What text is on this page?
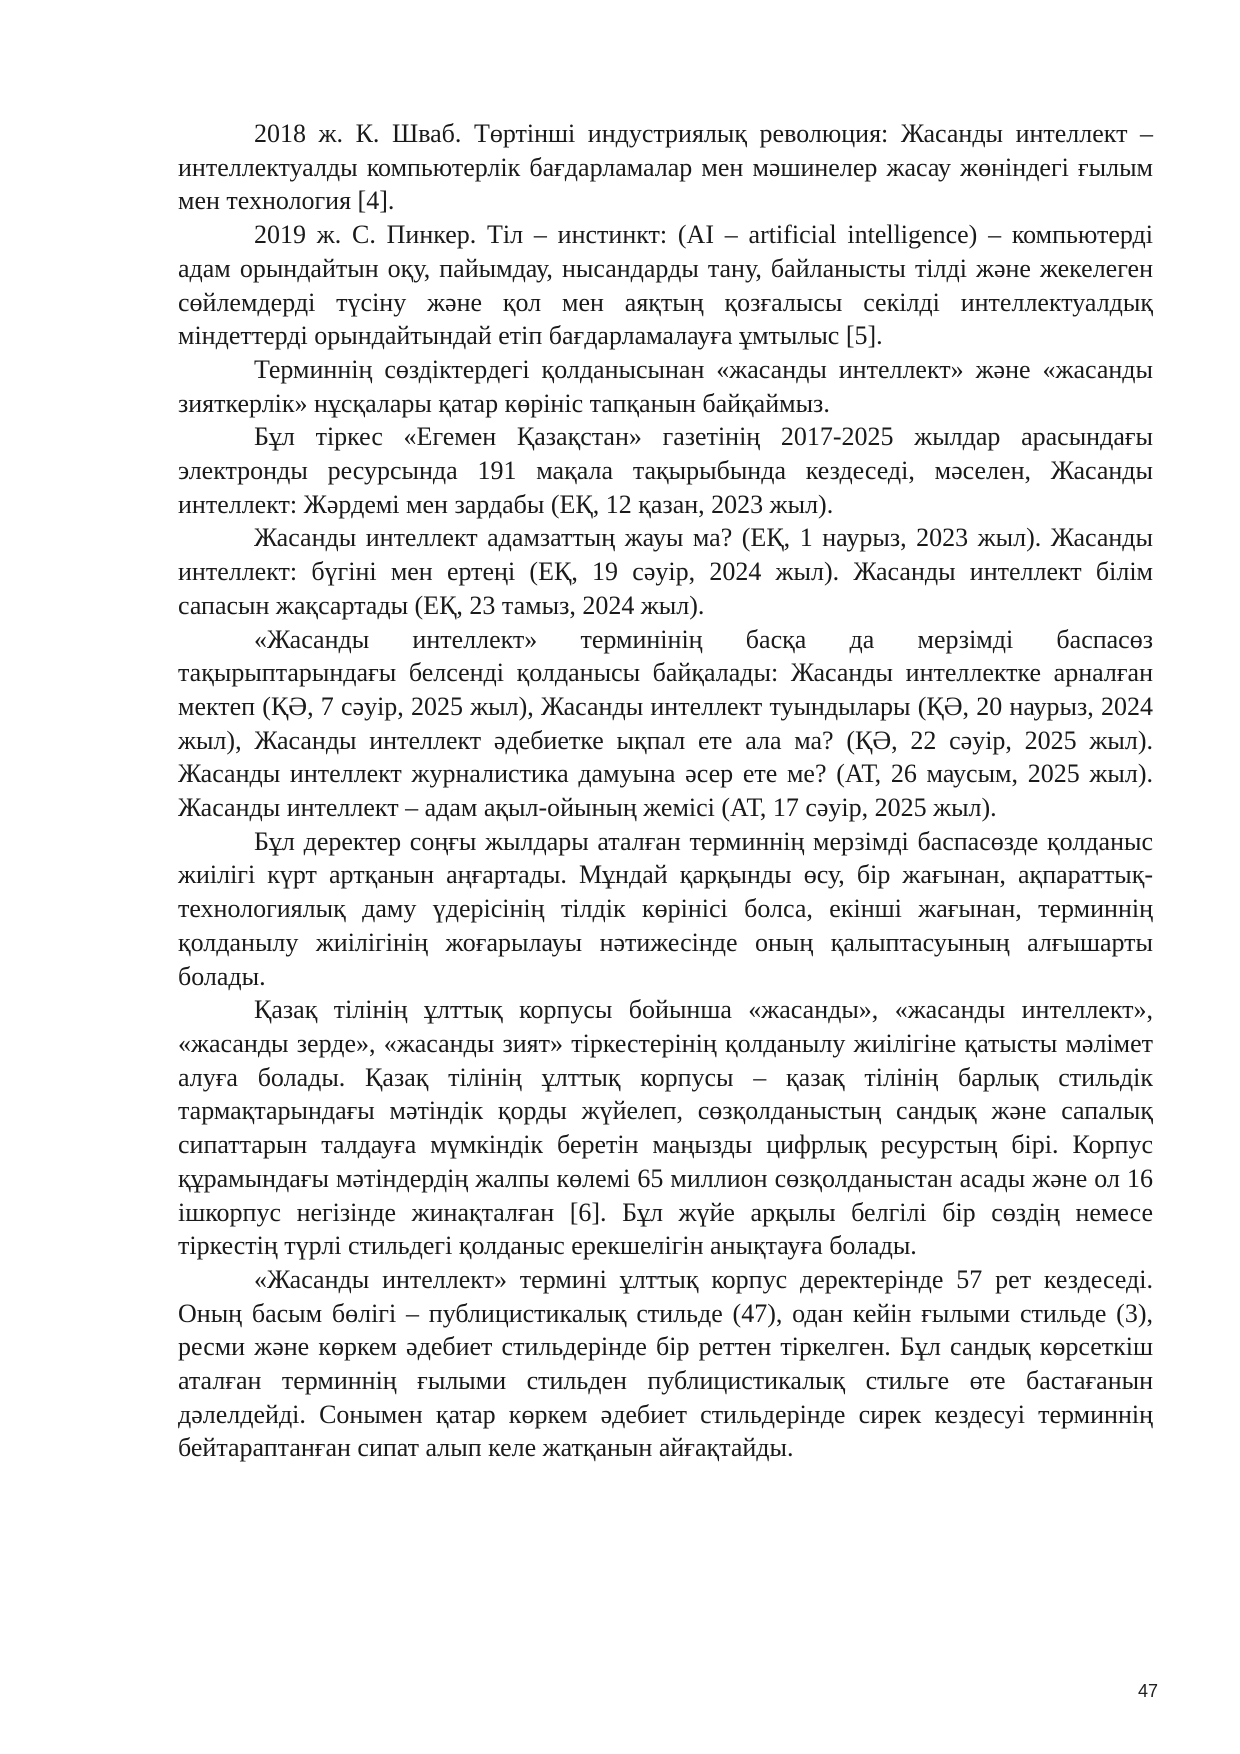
2018 ж. К. Шваб. Төртінші индустриялық революция: Жасанды интеллект – интеллектуалды компьютерлік бағдарламалар мен мәшинелер жасау жөніндегі ғылым мен технология [4].

2019 ж. С. Пинкер. Тіл – инстинкт: (AI – artificial intelligence) – компьютерді адам орындайтын оқу, пайымдау, нысандарды тану, байланысты тілді және жекелеген сөйлемдерді түсіну және қол мен аяқтың қозғалысы секілді интеллектуалдық міндеттерді орындайтындай етіп бағдарламалауға ұмтылыс [5].

Терминнің сөздіктердегі қолданысынан «жасанды интеллект» және «жасанды зияткерлік» нұсқалары қатар көрініс тапқанын байқаймыз.

Бұл тіркес «Егемен Қазақстан» газетінің 2017-2025 жылдар арасындағы электронды ресурсында 191 мақала тақырыбында кездеседі, мәселен, Жасанды интеллект: Жәрдемі мен зардабы (ЕҚ, 12 қазан, 2023 жыл).

Жасанды интеллект адамзаттың жауы ма? (ЕҚ, 1 наурыз, 2023 жыл). Жасанды интеллект: бүгіні мен ертеңі (ЕҚ, 19 сәуір, 2024 жыл). Жасанды интеллект білім сапасын жақсартады (ЕҚ, 23 тамыз, 2024 жыл).

«Жасанды интеллект» терминінің басқа да мерзімді баспасөз тақырыптарындағы белсенді қолданысы байқалады: Жасанды интеллектке арналған мектеп (ҚӘ, 7 сәуір, 2025 жыл), Жасанды интеллект туындылары (ҚӘ, 20 наурыз, 2024 жыл), Жасанды интеллект әдебиетке ықпал ете ала ма? (ҚӘ, 22 сәуір, 2025 жыл). Жасанды интеллект журналистика дамуына әсер ете ме? (АТ, 26 маусым, 2025 жыл). Жасанды интеллект – адам ақыл-ойының жемісі (АТ, 17 сәуір, 2025 жыл).

Бұл деректер соңғы жылдары аталған терминнің мерзімді баспасөзде қолданыс жиілігі күрт артқанын аңғартады. Мұндай қарқынды өсу, бір жағынан, ақпараттық-технологиялық даму үдерісінің тілдік көрінісі болса, екінші жағынан, терминнің қолданылу жиілігінің жоғарылауы нәтижесінде оның қалыптасуының алғышарты болады.

Қазақ тілінің ұлттық корпусы бойынша «жасанды», «жасанды интеллект», «жасанды зерде», «жасанды зият» тіркестерінің қолданылу жиілігіне қатысты мәлімет алуға болады. Қазақ тілінің ұлттық корпусы – қазақ тілінің барлық стильдік тармақтарындағы мәтіндік қорды жүйелеп, сөзқолданыстың сандық және сапалық сипаттарын талдауға мүмкіндік беретін маңызды цифрлық ресурстың бірі. Корпус құрамындағы мәтіндердің жалпы көлемі 65 миллион сөзқолданыстан асады және ол 16 ішкорпус негізінде жинақталған [6]. Бұл жүйе арқылы белгілі бір сөздің немесе тіркестің түрлі стильдегі қолданыс ерекшелігін анықтауға болады.

«Жасанды интеллект» термині ұлттық корпус деректерінде 57 рет кездеседі. Оның басым бөлігі – публицистикалық стильде (47), одан кейін ғылыми стильде (3), ресми және көркем әдебиет стильдерінде бір реттен тіркелген. Бұл сандық көрсеткіш аталған терминнің ғылыми стильден публицистикалық стильге өте бастағанын дәлелдейді. Сонымен қатар көркем әдебиет стильдерінде сирек кездесуі терминнің бейтараптанған сипат алып келе жатқанын айғақтайды.

47
